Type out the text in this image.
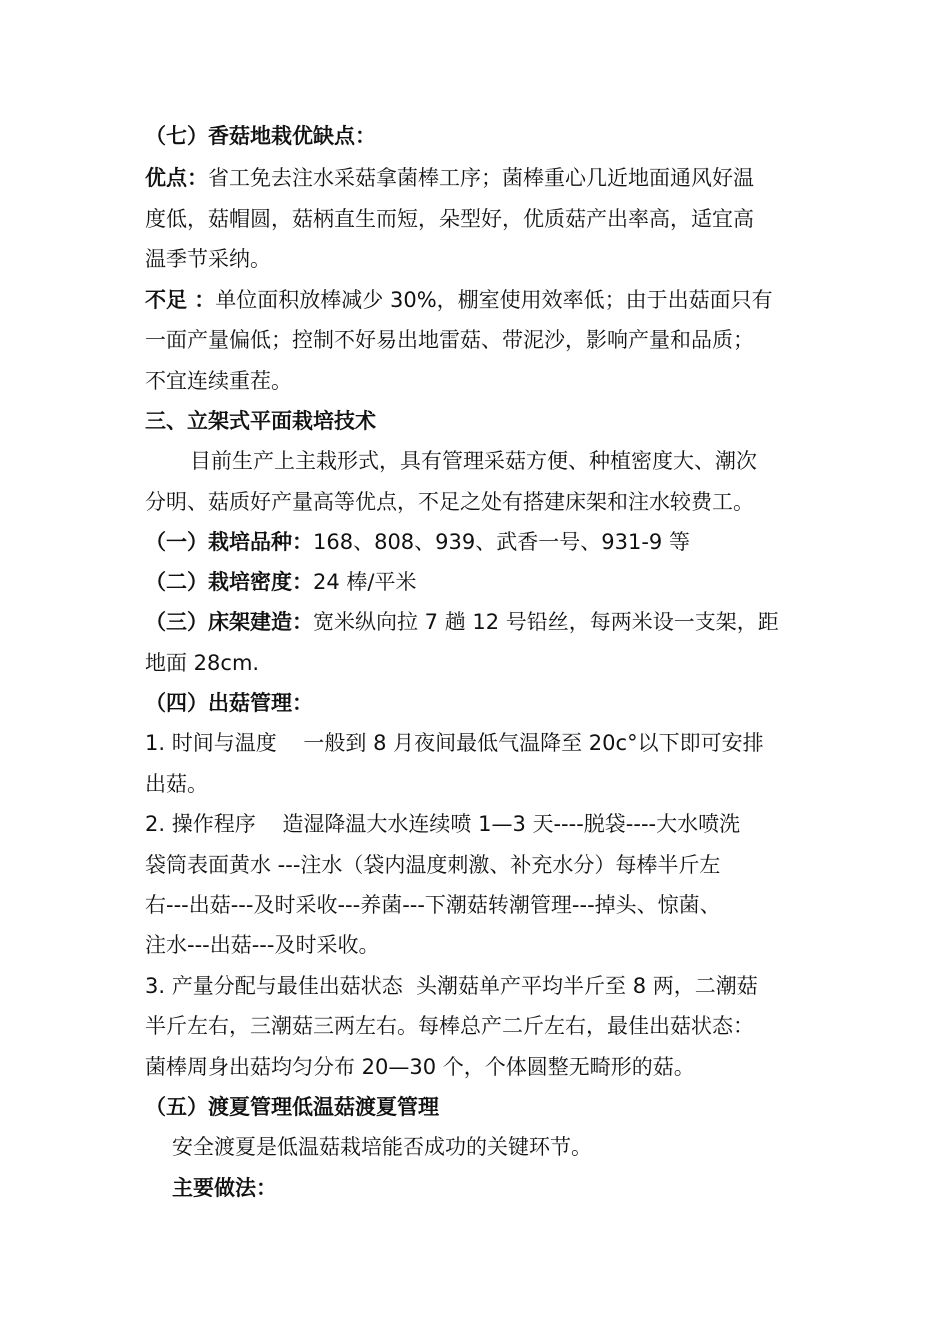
（七）香菇地栽优缺点：
优点：省工免去注水采菇拿菌棒工序；菌棒重心几近地面通风好温
度低，菇帽圆，菇柄直生而短，朵型好，优质菇产出率高，适宜高
温季节采纳。
不足 ：单位面积放棒减少 30%，棚室使用效率低；由于出菇面只有
一面产量偏低；控制不好易出地雷菇、带泥沙，影响产量和品质；
不宜连续重茬。
三、立架式平面栽培技术
目前生产上主栽形式，具有管理采菇方便、种植密度大、潮次
分明、菇质好产量高等优点，不足之处有搭建床架和注水较费工。
（一）栽培品种：168、808、939、武香一号、931-9 等
（二）栽培密度：24 棒/平米
（三）床架建造：宽米纵向拉 7 趟 12 号铅丝，每两米设一支架，距
地面 28cm.
（四）出菇管理：
1. 时间与温度    一般到 8 月夜间最低气温降至 20c°以下即可安排
出菇。
2. 操作程序    造湿降温大水连续喷 1—3 天----脱袋----大水喷洗
袋筒表面黄水 ---注水（袋内温度刺激、补充水分）每棒半斤左
右---出菇---及时采收---养菌---下潮菇转潮管理---掉头、惊菌、
注水---出菇---及时采收。
3. 产量分配与最佳出菇状态  头潮菇单产平均半斤至 8 两，二潮菇
半斤左右，三潮菇三两左右。每棒总产二斤左右，最佳出菇状态：
菌棒周身出菇均匀分布 20—30 个，个体圆整无畸形的菇。
（五）渡夏管理低温菇渡夏管理
安全渡夏是低温菇栽培能否成功的关键环节。
主要做法：
